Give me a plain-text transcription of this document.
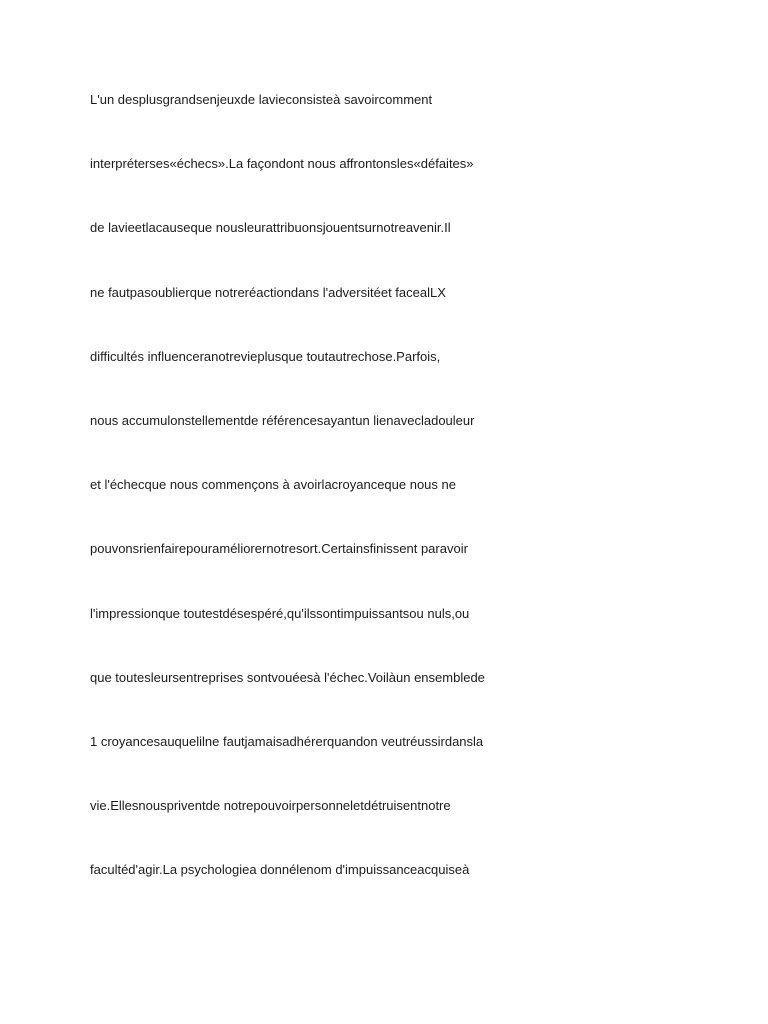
L'un desplusgrandsenjeuxde lavieconsisteà savoircomment
interpréterses«échecs».La façondont nous affrontonsles«défaites»
de lavieetlacauseque nousleurattribuonsjouentsurnotreavenir.Il
ne fautpasoublierque notreréactiondans l'adversitéet facealLX
difficultés influenceranotrevieplusque toutautrechose.Parfois,
nous accumulonstellementde référencesayantun lienavecladouleur
et l'échecque nous commençons à avoirlacroyanceque nous ne
pouvonsrienfairepouraméliorernotresort.Certainsfinissent paravoir
l'impressionque toutestdésespéré,qu'ilssontimpuissantsou nuls,ou
que toutesleursentreprises sontvouéesà l'échec.Voilàun ensemblede
1 croyancesauquelilne fautjamaisadhérerquandon veutréussirdansla
vie.Ellesnouspriventde notrepouvoirpersonneletdétruisentnotre
facultéd'agir.La psychologiea donnélenom d'impuissanceacquiseà
